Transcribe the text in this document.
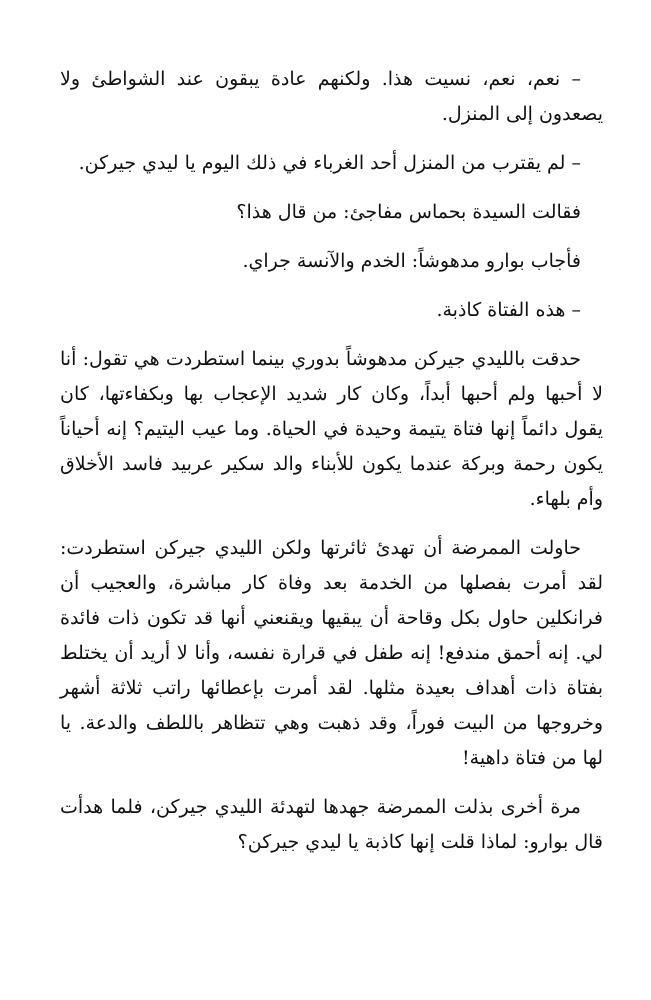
– نعم، نعم، نسيت هذا. ولكنهم عادة يبقون عند الشواطئ ولا يصعدون إلى المنزل.

– لم يقترب من المنزل أحد الغرباء في ذلك اليوم يا ليدي جيركن.

فقالت السيدة بحماس مفاجئ: من قال هذا؟

فأجاب بوارو مدهوشاً: الخدم والآنسة جراي.

– هذه الفتاة كاذبة.

حدقت بالليدي جيركن مدهوشاً بدوري بينما استطردت هي تقول: أنا لا أحبها ولم أحبها أبداً، وكان كار شديد الإعجاب بها وبكفاءتها، كان يقول دائماً إنها فتاة يتيمة وحيدة في الحياة. وما عيب اليتيم؟ إنه أحياناً يكون رحمة وبركة عندما يكون للأبناء والد سكير عربيد فاسد الأخلاق وأم بلهاء.

حاولت الممرضة أن تهدئ ثائرتها ولكن الليدي جيركن استطردت: لقد أمرت بفصلها من الخدمة بعد وفاة كار مباشرة، والعجيب أن فرانكلين حاول بكل وقاحة أن يبقيها ويقنعني أنها قد تكون ذات فائدة لي. إنه أحمق مندفع! إنه طفل في قرارة نفسه، وأنا لا أريد أن يختلط بفتاة ذات أهداف بعيدة مثلها. لقد أمرت بإعطائها راتب ثلاثة أشهر وخروجها من البيت فوراً، وقد ذهبت وهي تتظاهر باللطف والدعة. يا لها من فتاة داهية!

مرة أخرى بذلت الممرضة جهدها لتهدئة الليدي جيركن، فلما هدأت قال بوارو: لماذا قلت إنها كاذبة يا ليدي جيركن؟
